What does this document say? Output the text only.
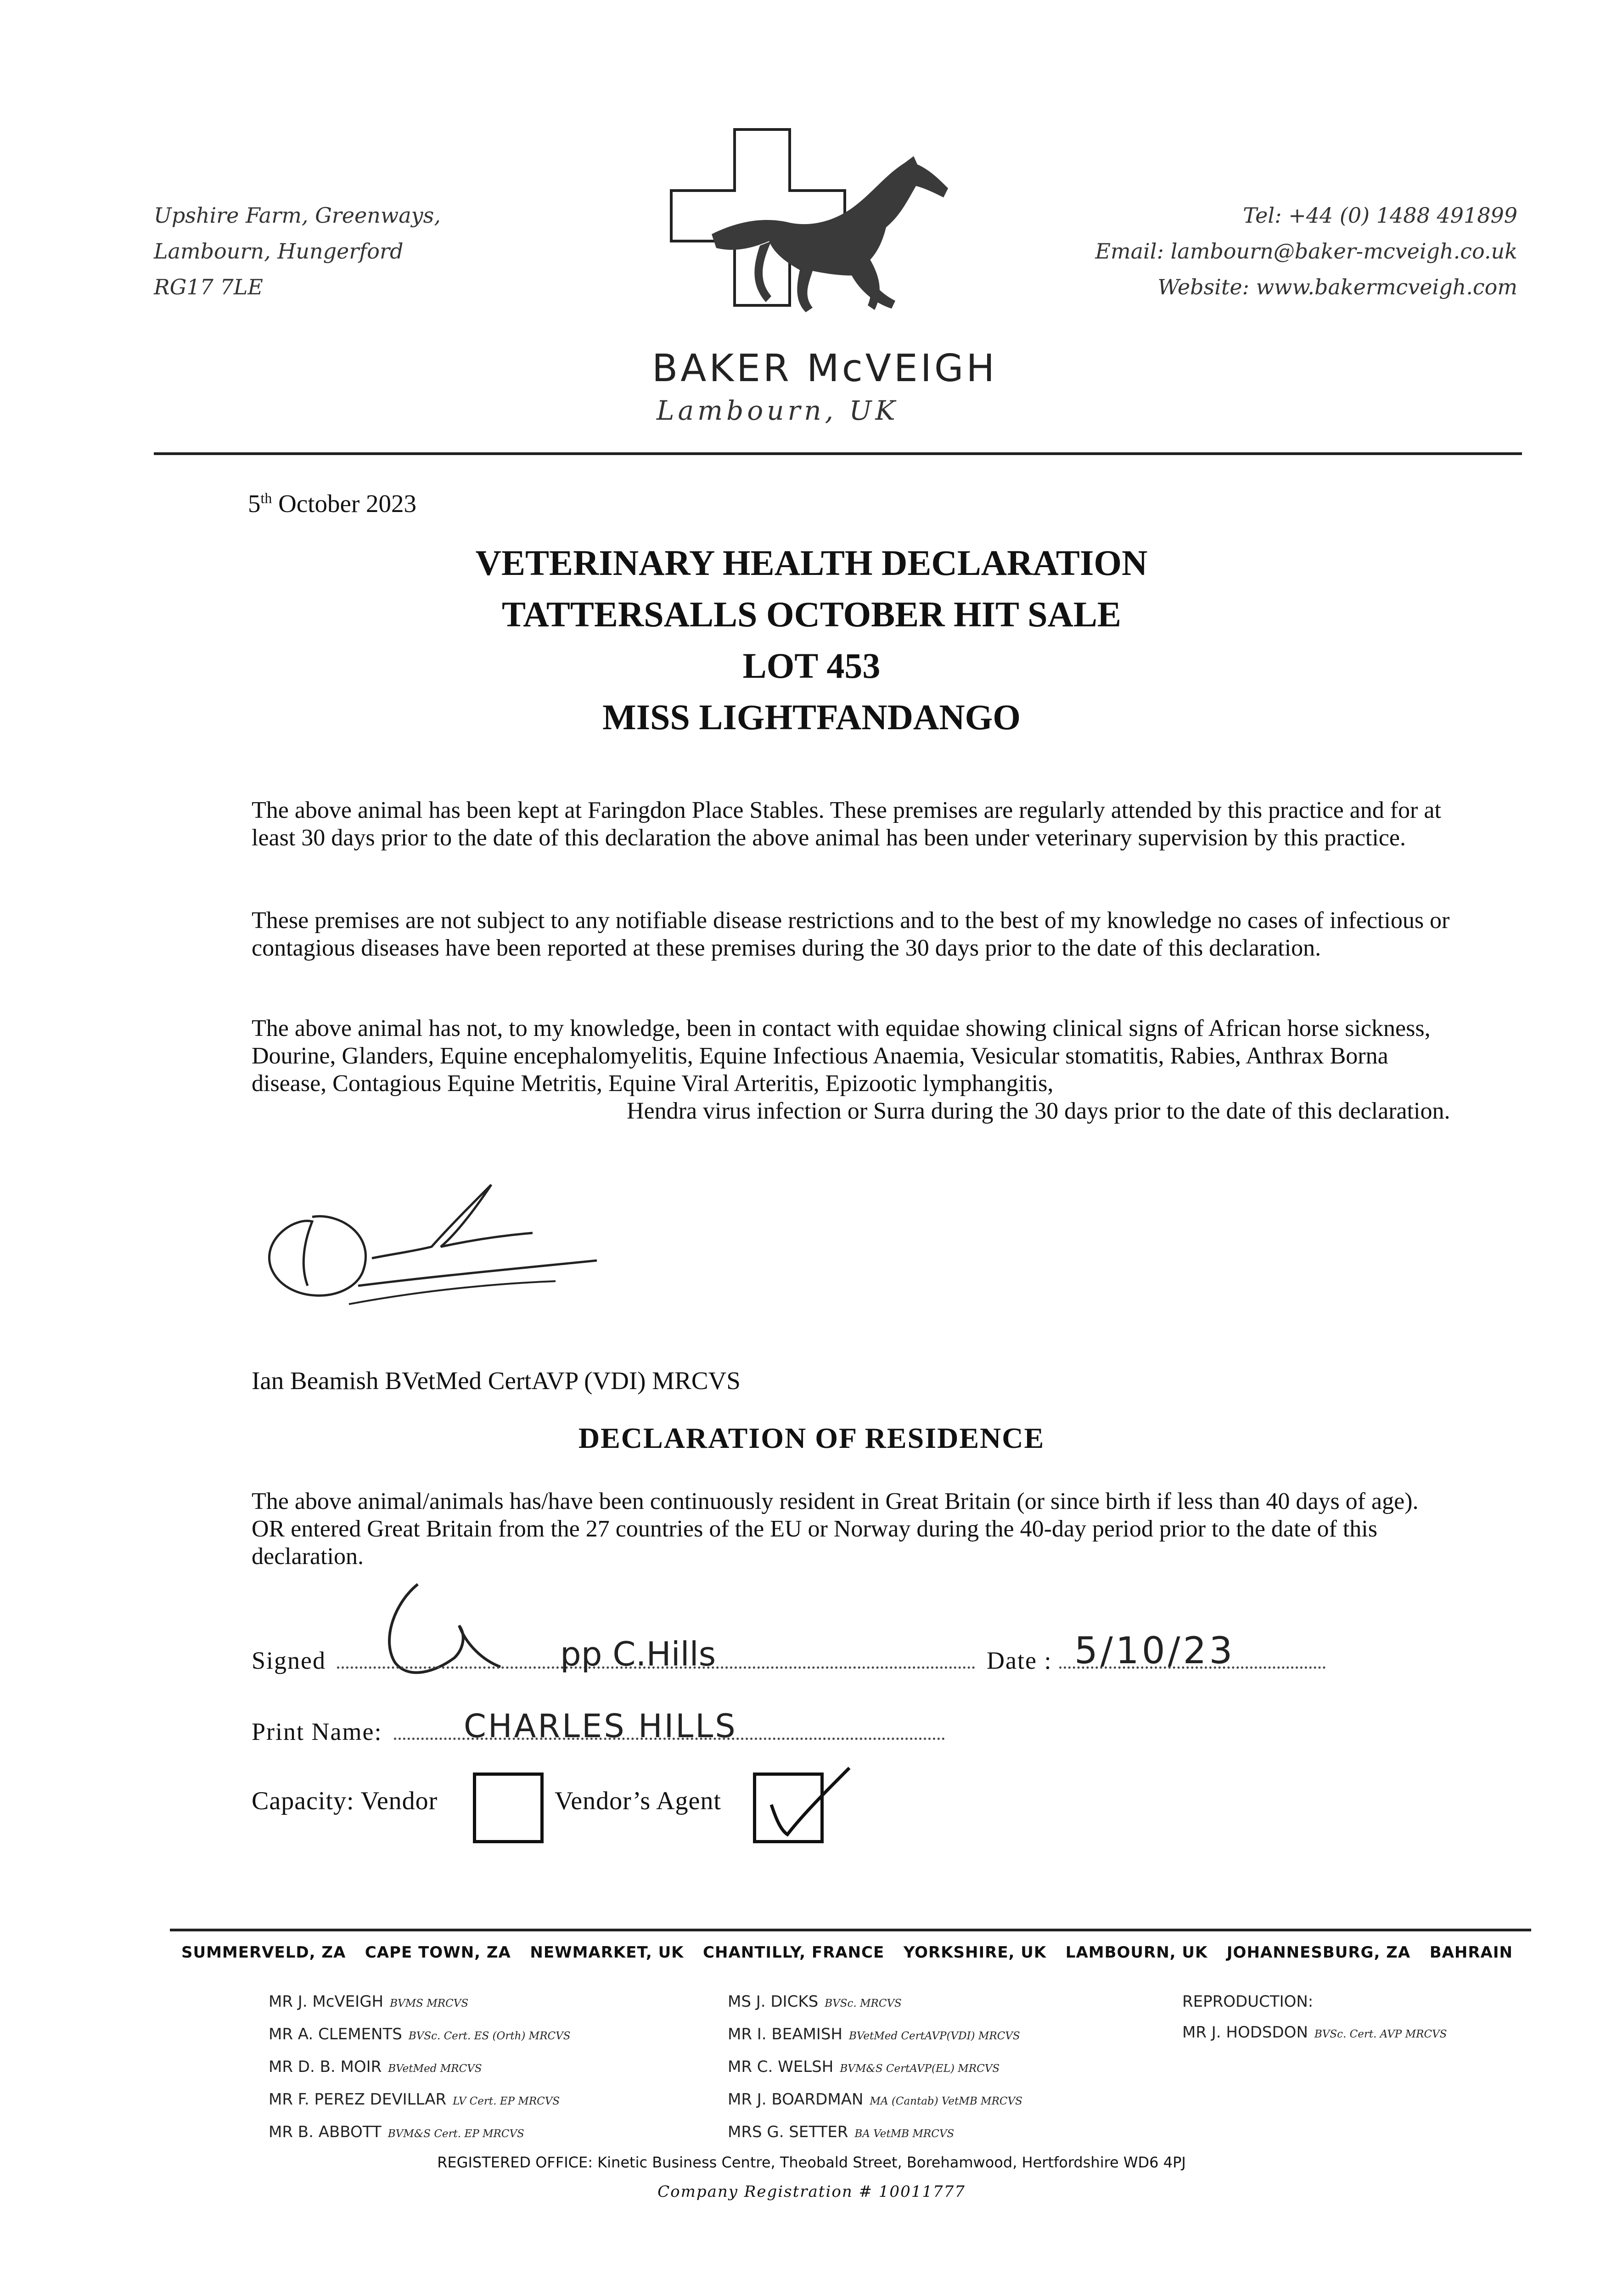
Upshire Farm, Greenways,
Lambourn, Hungerford
RG17 7LE
BAKER McVEIGH
Lambourn, UK
Tel: +44 (0) 1488 491899
Email: lambourn@baker-mcveigh.co.uk
Website: www.bakermcveigh.com
5th October 2023
VETERINARY HEALTH DECLARATION
TATTERSALLS OCTOBER HIT SALE
LOT 453
MISS LIGHTFANDANGO

The above animal has been kept at Faringdon Place Stables. These premises are regularly attended by this practice and for at least 30 days prior to the date of this declaration the above animal has been under veterinary supervision by this practice.

These premises are not subject to any notifiable disease restrictions and to the best of my knowledge no cases of infectious or contagious diseases have been reported at these premises during the 30 days prior to the date of this declaration.

The above animal has not, to my knowledge, been in contact with equidae showing clinical signs of African horse sickness, Dourine, Glanders, Equine encephalomyelitis, Equine Infectious Anaemia, Vesicular stomatitis, Rabies, Anthrax Borna disease, Contagious Equine Metritis, Equine Viral Arteritis, Epizootic lymphangitis,

Hendra virus infection or Surra during the 30 days prior to the date of this declaration.
Ian Beamish BVetMed CertAVP (VDI) MRCVS
DECLARATION OF RESIDENCE

The above animal/animals has/have been continuously resident in Great Britain (or since birth if less than 40 days of age). OR entered Great Britain from the 27 countries of the EU or Norway during the 40-day period prior to the date of this declaration.

Signed	Date :
pp C.Hills	5/10/23
Print Name:	CHARLES HILLS
Capacity: Vendor	Vendor’s Agent
SUMMERVELD, ZA CAPE TOWN, ZA NEWMARKET, UK CHANTILLY, FRANCE YORKSHIRE, UK LAMBOURN, UK JOHANNESBURG, ZA BAHRAIN
MR J. McVEIGH BVMS MRCVS
MR A. CLEMENTS BVSc. Cert. ES (Orth) MRCVS
MR D. B. MOIR BVetMed MRCVS
MR F. PEREZ DEVILLAR LV Cert. EP MRCVS
MR B. ABBOTT BVM&S Cert. EP MRCVS
MS J. DICKS BVSc. MRCVS
MR I. BEAMISH BVetMed CertAVP(VDI) MRCVS
MR C. WELSH BVM&S CertAVP(EL) MRCVS
MR J. BOARDMAN MA (Cantab) VetMB MRCVS
MRS G. SETTER BA VetMB MRCVS
REPRODUCTION:
MR J. HODSDON BVSc. Cert. AVP MRCVS
REGISTERED OFFICE: Kinetic Business Centre, Theobald Street, Borehamwood, Hertfordshire WD6 4PJ
Company Registration # 10011777
